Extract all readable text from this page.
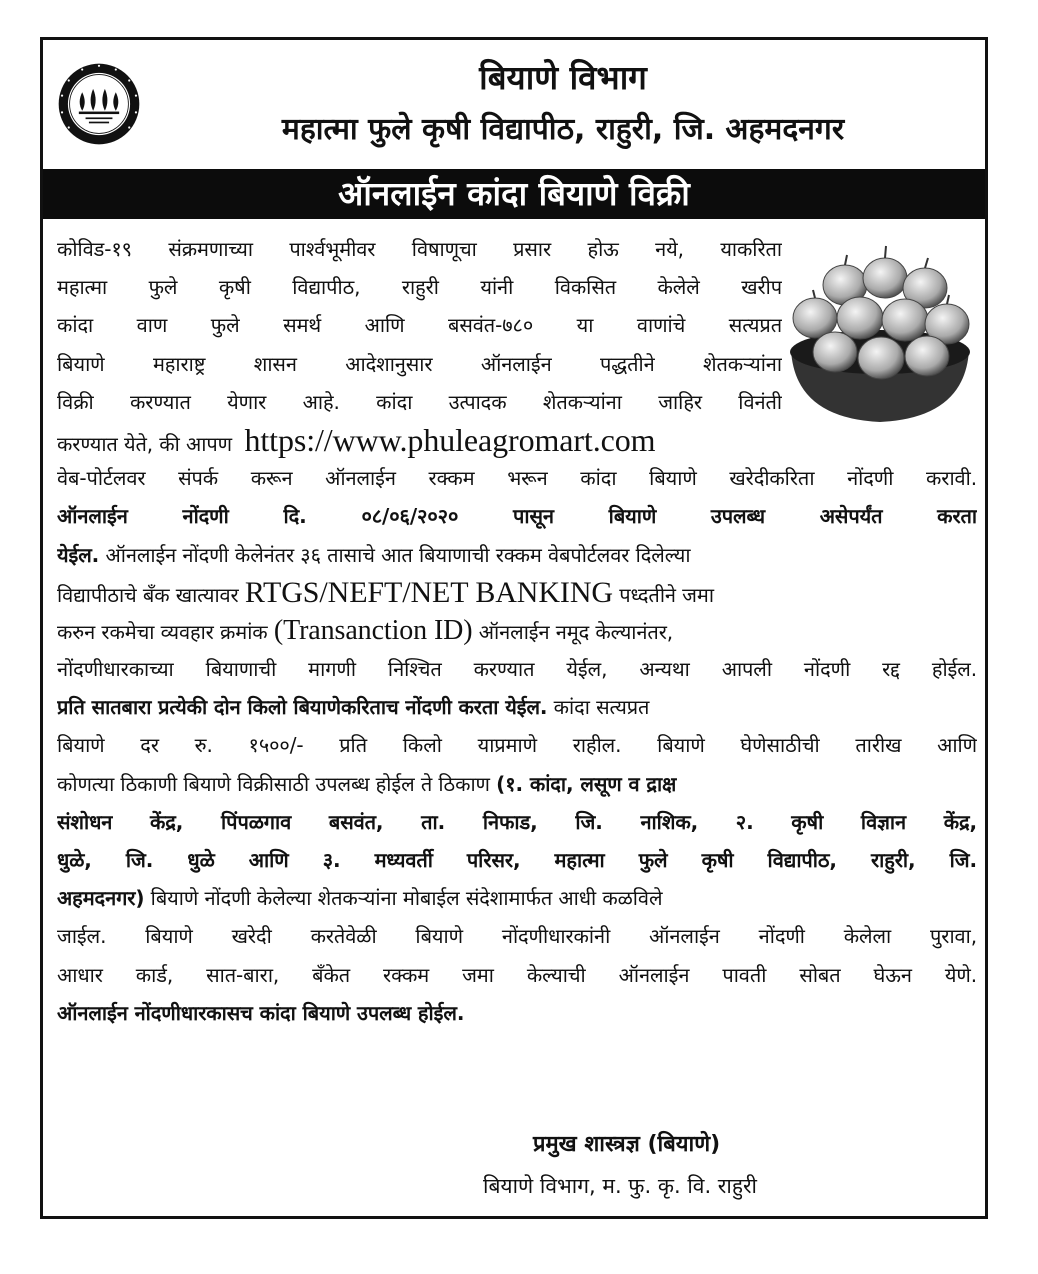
बियाणे विभाग
महात्मा फुले कृषी विद्यापीठ, राहुरी, जि. अहमदनगर
ऑनलाईन कांदा बियाणे विक्री
कोविड-१९ संक्रमणाच्या पार्श्वभूमीवर विषाणूचा प्रसार होऊ नये, याकरिता
महात्मा फुले कृषी विद्यापीठ, राहुरी यांनी विकसित केलेले खरीप
कांदा वाण फुले समर्थ आणि बसवंत-७८० या वाणांचे सत्यप्रत
बियाणे महाराष्ट्र शासन आदेशानुसार ऑनलाईन पद्धतीने शेतकऱ्यांना
विक्री करण्यात येणार आहे. कांदा उत्पादक शेतकऱ्यांना जाहिर विनंती
करण्यात येते, की आपण https://www.phuleagromart.com
वेब-पोर्टलवर संपर्क करून ऑनलाईन रक्कम भरून कांदा बियाणे खरेदीकरिता नोंदणी करावी.
ऑनलाईन नोंदणी दि. ०८/०६/२०२० पासून बियाणे उपलब्ध असेपर्यंत करता
येईल. ऑनलाईन नोंदणी केलेनंतर ३६ तासाचे आत बियाणाची रक्कम वेबपोर्टलवर दिलेल्या
विद्यापीठाचे बँक खात्यावर RTGS/NEFT/NET BANKING पध्दतीने जमा
करुन रकमेचा व्यवहार क्रमांक (Transanction ID) ऑनलाईन नमूद केल्यानंतर,
नोंदणीधारकाच्या बियाणाची मागणी निश्चित करण्यात येईल, अन्यथा आपली नोंदणी रद्द होईल.
प्रति सातबारा प्रत्येकी दोन किलो बियाणेकरिताच नोंदणी करता येईल. कांदा सत्यप्रत
बियाणे दर रु. १५००/- प्रति किलो याप्रमाणे राहील. बियाणे घेणेसाठीची तारीख आणि
कोणत्या ठिकाणी बियाणे विक्रीसाठी उपलब्ध होईल ते ठिकाण (१. कांदा, लसूण व द्राक्ष
संशोधन केंद्र, पिंपळगाव बसवंत, ता. निफाड, जि. नाशिक, २. कृषी विज्ञान केंद्र,
धुळे, जि. धुळे आणि ३. मध्यवर्ती परिसर, महात्मा फुले कृषी विद्यापीठ, राहुरी, जि.
अहमदनगर) बियाणे नोंदणी केलेल्या शेतकऱ्यांना मोबाईल संदेशामार्फत आधी कळविले
जाईल. बियाणे खरेदी करतेवेळी बियाणे नोंदणीधारकांनी ऑनलाईन नोंदणी केलेला पुरावा,
आधार कार्ड, सात-बारा, बँकेत रक्कम जमा केल्याची ऑनलाईन पावती सोबत घेऊन येणे.
ऑनलाईन नोंदणीधारकासच कांदा बियाणे उपलब्ध होईल.
प्रमुख शास्त्रज्ञ (बियाणे)
बियाणे विभाग, म. फु. कृ. वि. राहुरी
